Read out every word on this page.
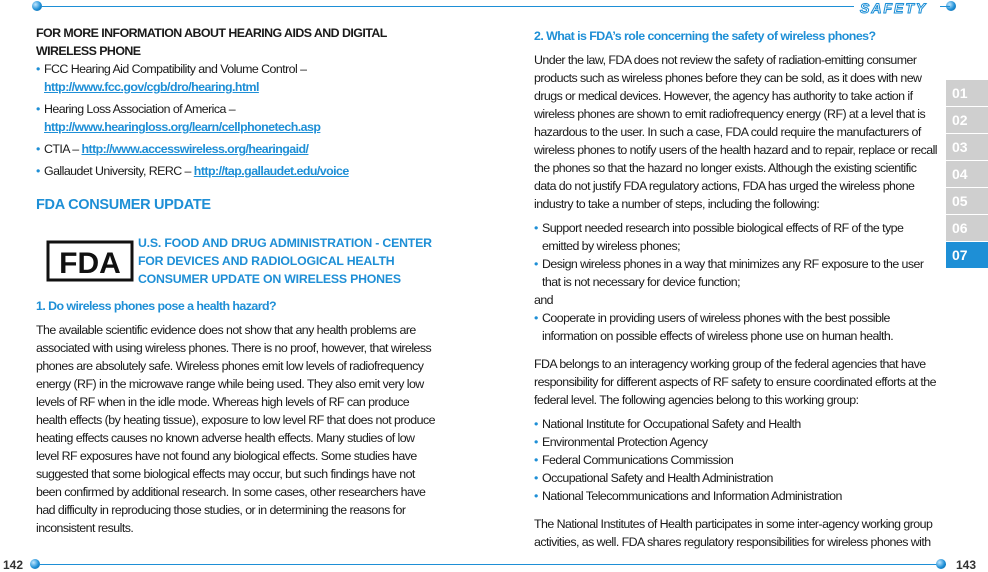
SAFETY
142	143

FOR MORE INFORMATION ABOUT HEARING AIDS AND DIGITAL WIRELESS PHONE

• FCC Hearing Aid Compatibility and Volume Control –
http://www.fcc.gov/cgb/dro/hearing.html
• Hearing Loss Association of America –
http://www.hearingloss.org/learn/cellphonetech.asp
• CTIA – http://www.accesswireless.org/hearingaid/
• Gallaudet University, RERC – http://tap.gallaudet.edu/voice

FDA CONSUMER UPDATE

FDA
U.S. FOOD AND DRUG ADMINISTRATION - CENTER
FOR DEVICES AND RADIOLOGICAL HEALTH
CONSUMER UPDATE ON WIRELESS PHONES

1. Do wireless phones pose a health hazard?

The available scientific evidence does not show that any health problems are associated with using wireless phones. There is no proof, however, that wireless phones are absolutely safe. Wireless phones emit low levels of radiofrequency energy (RF) in the microwave range while being used. They also emit very low levels of RF when in the idle mode. Whereas high levels of RF can produce health effects (by heating tissue), exposure to low level RF that does not produce heating effects causes no known adverse health effects. Many studies of low level RF exposures have not found any biological effects. Some studies have suggested that some biological effects may occur, but such findings have not been confirmed by additional research. In some cases, other researchers have had difficulty in reproducing those studies, or in determining the reasons for inconsistent results.

2. What is FDA’s role concerning the safety of wireless phones?

Under the law, FDA does not review the safety of radiation-emitting consumer products such as wireless phones before they can be sold, as it does with new drugs or medical devices. However, the agency has authority to take action if wireless phones are shown to emit radiofrequency energy (RF) at a level that is hazardous to the user. In such a case, FDA could require the manufacturers of wireless phones to notify users of the health hazard and to repair, replace or recall the phones so that the hazard no longer exists. Although the existing scientific data do not justify FDA regulatory actions, FDA has urged the wireless phone industry to take a number of steps, including the following:

• Support needed research into possible biological effects of RF of the type emitted by wireless phones;
• Design wireless phones in a way that minimizes any RF exposure to the user that is not necessary for device function;

and

• Cooperate in providing users of wireless phones with the best possible information on possible effects of wireless phone use on human health.

FDA belongs to an interagency working group of the federal agencies that have responsibility for different aspects of RF safety to ensure coordinated efforts at the federal level. The following agencies belong to this working group:

• National Institute for Occupational Safety and Health
• Environmental Protection Agency
• Federal Communications Commission
• Occupational Safety and Health Administration
• National Telecommunications and Information Administration

The National Institutes of Health participates in some inter-agency working group activities, as well. FDA shares regulatory responsibilities for wireless phones with

01
02
03
04
05
06
07
